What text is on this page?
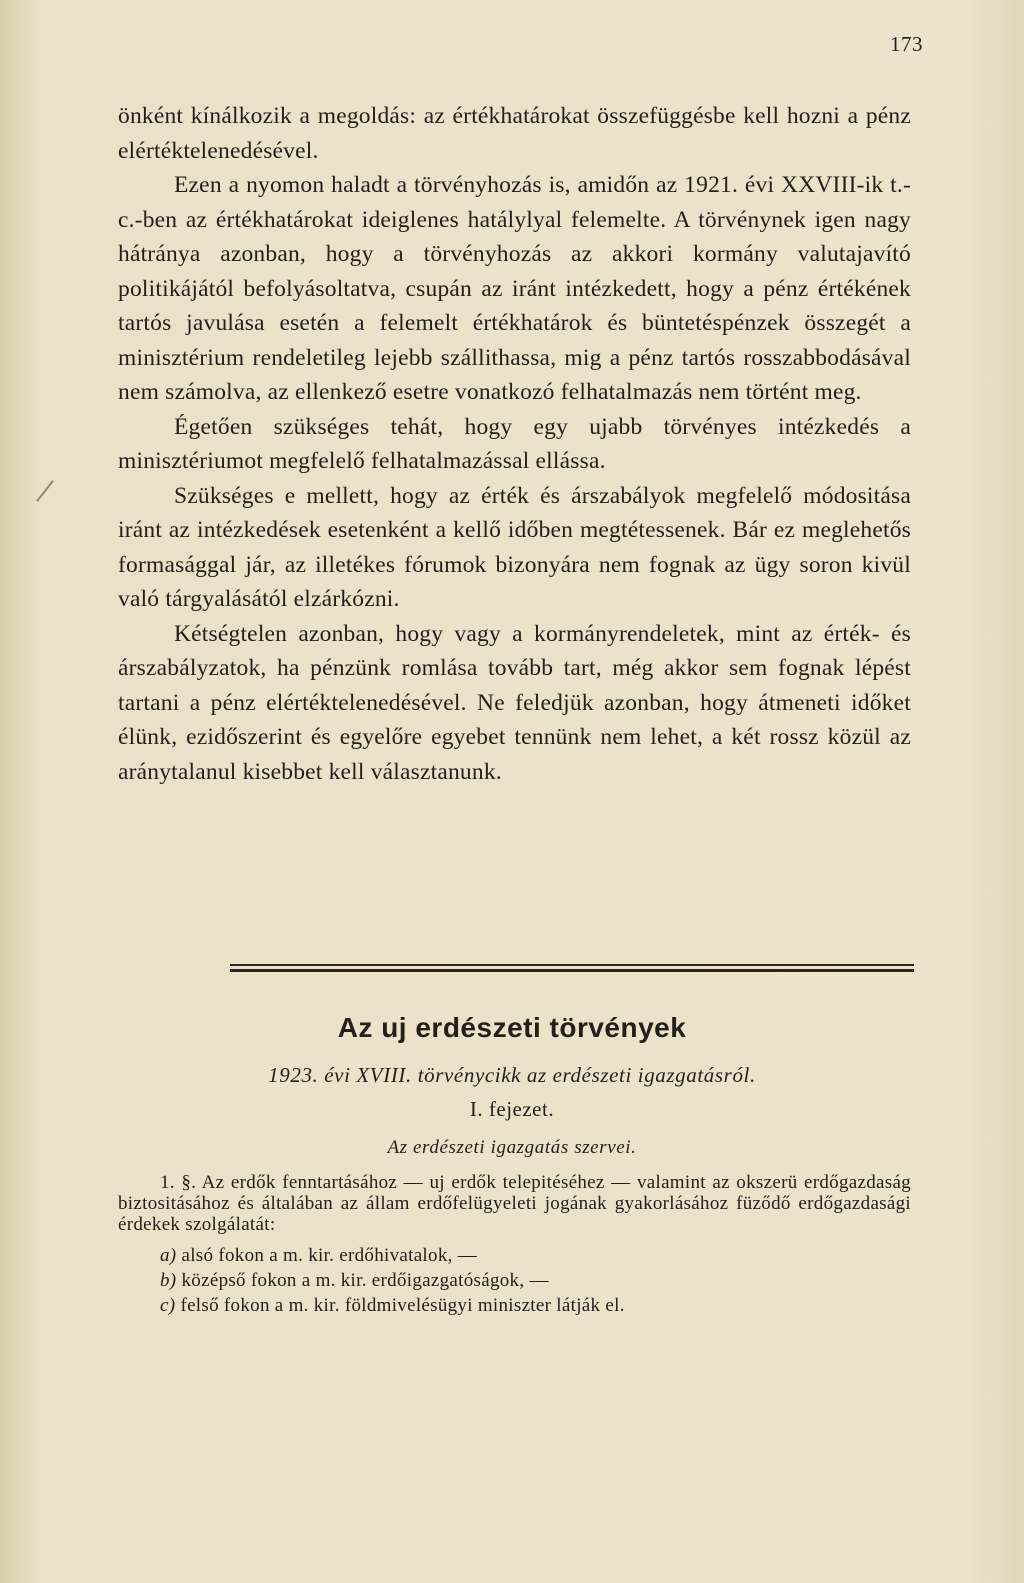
173

önként kínálkozik a megoldás: az értékhatárokat összefüggésbe kell hozni a pénz elértéktelenedésével.

Ezen a nyomon haladt a törvényhozás is, amidőn az 1921. évi XXVIII-ik t.-c.-ben az értékhatárokat ideiglenes hatálylyal felemelte. A törvénynek igen nagy hátránya azonban, hogy a törvényhozás az akkori kormány valutajavító politikájától befolyásoltatva, csupán az iránt intézkedett, hogy a pénz értékének tartós javulása esetén a felemelt értékhatárok és büntetéspénzek összegét a minisztérium rendeletileg lejebb szállithassa, mig a pénz tartós rosszabbodásával nem számolva, az ellenkező esetre vonatkozó felhatalmazás nem történt meg.

Égetően szükséges tehát, hogy egy ujabb törvényes intézkedés a minisztériumot megfelelő felhatalmazással ellássa.

Szükséges e mellett, hogy az érték és árszabályok megfelelő módositása iránt az intézkedések esetenként a kellő időben megtétessenek. Bár ez meglehetős formasággal jár, az illetékes fórumok bizonyára nem fognak az ügy soron kivül való tárgyalásától elzárkózni.

Kétségtelen azonban, hogy vagy a kormányrendeletek, mint az érték- és árszabályzatok, ha pénzünk romlása tovább tart, még akkor sem fognak lépést tartani a pénz elértéktelenedésével. Ne feledjük azonban, hogy átmeneti időket élünk, ezidőszerint és egyelőre egyebet tennünk nem lehet, a két rossz közül az aránytalanul kisebbet kell választanunk.

Az uj erdészeti törvények
1923. évi XVIII. törvénycikk az erdészeti igazgatásról.
I. fejezet.
Az erdészeti igazgatás szervei.

1. §. Az erdők fenntartásához — uj erdők telepitéséhez — valamint az okszerü erdőgazdaság biztositásához és általában az állam erdőfelügyeleti jogának gyakorlásához füződő erdőgazdasági érdekek szolgálatát:

a) alsó fokon a m. kir. erdőhivatalok, —

b) középső fokon a m. kir. erdőigazgatóságok, —

c) felső fokon a m. kir. földmivelésügyi miniszter látják el.
